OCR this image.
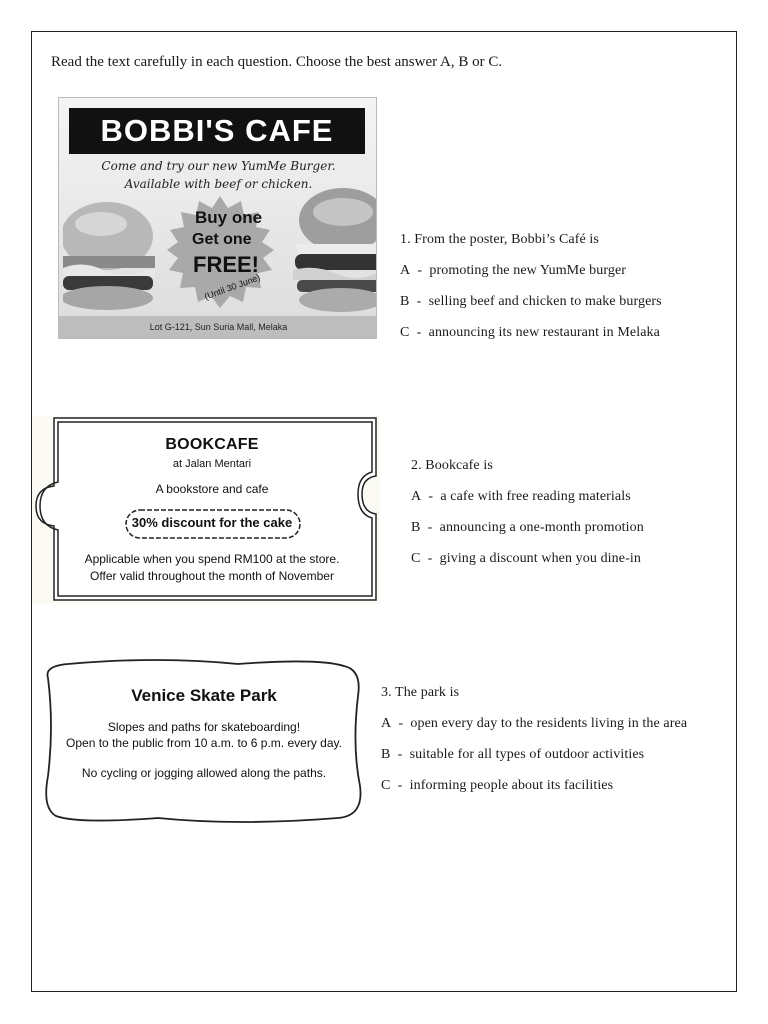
Read the text carefully in each question. Choose the best answer A, B or C.

BOBBI'S CAFE
Come and try our new YumMe Burger.
Available with beef or chicken.
Buy one
Get one
FREE!
(Until 30 June)
Lot G-121, Sun Suria Mall, Melaka

1. From the poster, Bobbi’s Café is

A  -  promoting the new YumMe burger

B  -  selling beef and chicken to make burgers

C  -  announcing its new restaurant in Melaka

BOOKCAFE
at Jalan Mentari
A bookstore and cafe
30% discount for the cake
Applicable when you spend RM100 at the store.
Offer valid throughout the month of November

2. Bookcafe is

A  -  a cafe with free reading materials

B  -  announcing a one-month promotion

C  -  giving a discount when you dine-in

Venice Skate Park
Slopes and paths for skateboarding!
Open to the public from 10 a.m. to 6 p.m. every day.
No cycling or jogging allowed along the paths.

3. The park is

A  -  open every day to the residents living in the area

B  -  suitable for all types of outdoor activities

C  -  informing people about its facilities
